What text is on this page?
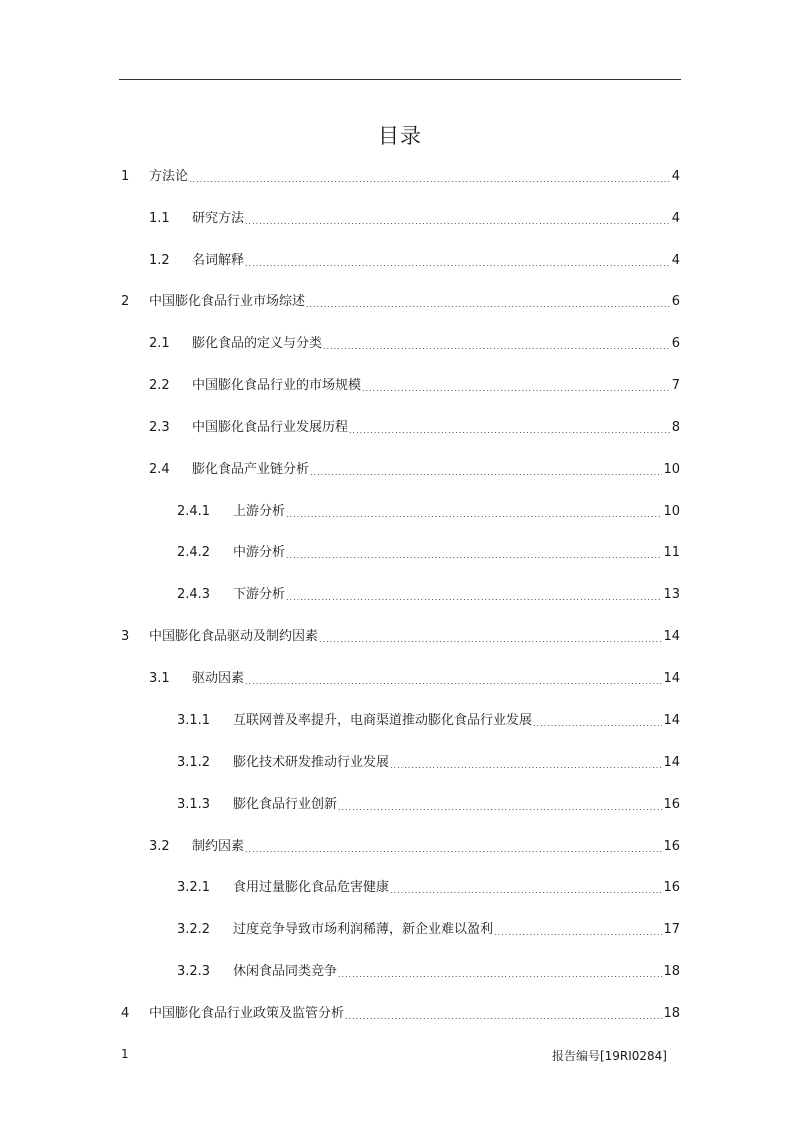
目录
1	方法论 .....	4
1.1	研究方法 .....	4
1.2	名词解释 .....	4
2	中国膨化食品行业市场综述 .....	6
2.1	膨化食品的定义与分类 .....	6
2.2	中国膨化食品行业的市场规模 .....	7
2.3	中国膨化食品行业发展历程 .....	8
2.4	膨化食品产业链分析 .....	10
2.4.1	上游分析 .....	10
2.4.2	中游分析 .....	11
2.4.3	下游分析 .....	13
3	中国膨化食品驱动及制约因素 .....	14
3.1	驱动因素 .....	14
3.1.1	互联网普及率提升，电商渠道推动膨化食品行业发展 .....	14
3.1.2	膨化技术研发推动行业发展 .....	14
3.1.3	膨化食品行业创新 .....	16
3.2	制约因素 .....	16
3.2.1	食用过量膨化食品危害健康 .....	16
3.2.2	过度竞争导致市场利润稀薄，新企业难以盈利 .....	17
3.2.3	休闲食品同类竞争 .....	18
4	中国膨化食品行业政策及监管分析 .....	18
1	报告编号[19RI0284]
